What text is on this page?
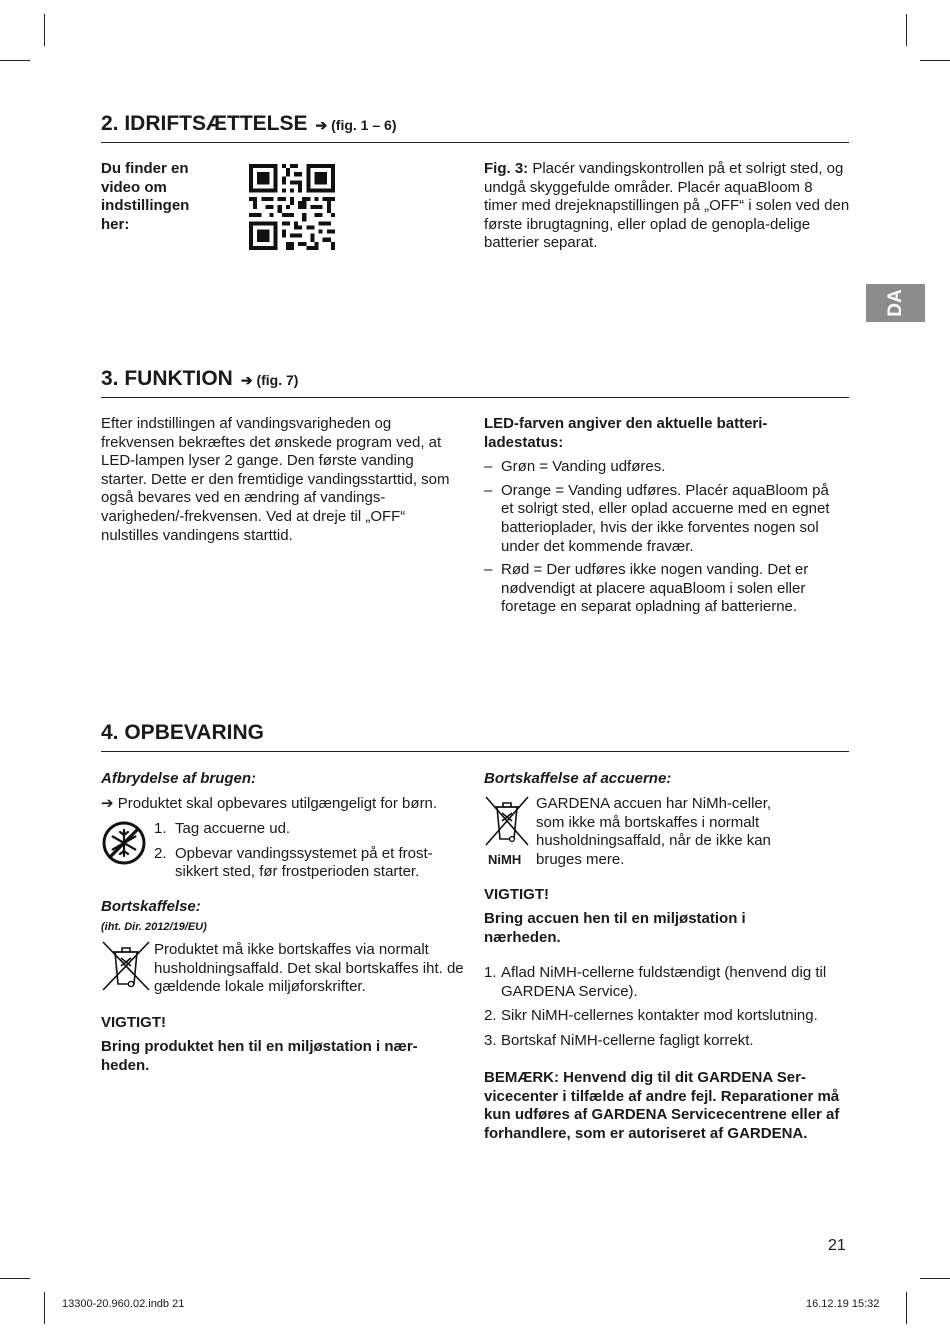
DA
2. IDRIFTSÆTTELSE ➔ (fig. 1 – 6)
Du finder en
video om
indstillingen
her:
Fig. 3: Placér vandingskontrollen på et solrigt sted, og undgå skyggefulde områder. Placér aquaBloom 8 timer med drejeknapstillingen på „OFF“ i solen ved den første ibrugtagning, eller oplad de genopla-delige batterier separat.
3. FUNKTION ➔ (fig. 7)
Efter indstillingen af vandingsvarigheden og frekvensen bekræftes det ønskede program ved, at LED-lampen lyser 2 gange. Den første vanding starter. Dette er den fremtidige vandingsstarttid, som også bevares ved en ændring af vandings-varigheden/-frekvensen. Ved at dreje til „OFF“ nulstilles vandingens starttid.
LED-farven angiver den aktuelle batteri-ladestatus:
– Grøn = Vanding udføres.
– Orange = Vanding udføres. Placér aquaBloom på et solrigt sted, eller oplad accuerne med en egnet batterioplader, hvis der ikke forventes nogen sol under det kommende fravær.
– Rød = Der udføres ikke nogen vanding. Det er nødvendigt at placere aquaBloom i solen eller foretage en separat opladning af batterierne.
4. OPBEVARING
Afbrydelse af brugen:
➔ Produktet skal opbevares utilgængeligt for børn.
1. Tag accuerne ud.
2. Opbevar vandingssystemet på et frost-sikkert sted, før frostperioden starter.
Bortskaffelse:
(iht. Dir. 2012/19/EU)
Produktet må ikke bortskaffes via normalt husholdningsaffald. Det skal bortskaffes iht. de gældende lokale miljøforskrifter.
VIGTIGT!
Bring produktet hen til en miljøstation i nær-heden.
Bortskaffelse af accuerne:
NiMH
GARDENA accuen har NiMh-celler, som ikke må bortskaffes i normalt husholdningsaffald, når de ikke kan bruges mere.
VIGTIGT!
Bring accuen hen til en miljøstation i nærheden.
1. Aflad NiMH-cellerne fuldstændigt (henvend dig til GARDENA Service).
2. Sikr NiMH-cellernes kontakter mod kortslutning.
3. Bortskaf NiMH-cellerne fagligt korrekt.
BEMÆRK: Henvend dig til dit GARDENA Ser-vicecenter i tilfælde af andre fejl. Reparationer må kun udføres af GARDENA Servicecentrene eller af forhandlere, som er autoriseret af GARDENA.
21
13300-20.960.02.indb 21	16.12.19 15:32
